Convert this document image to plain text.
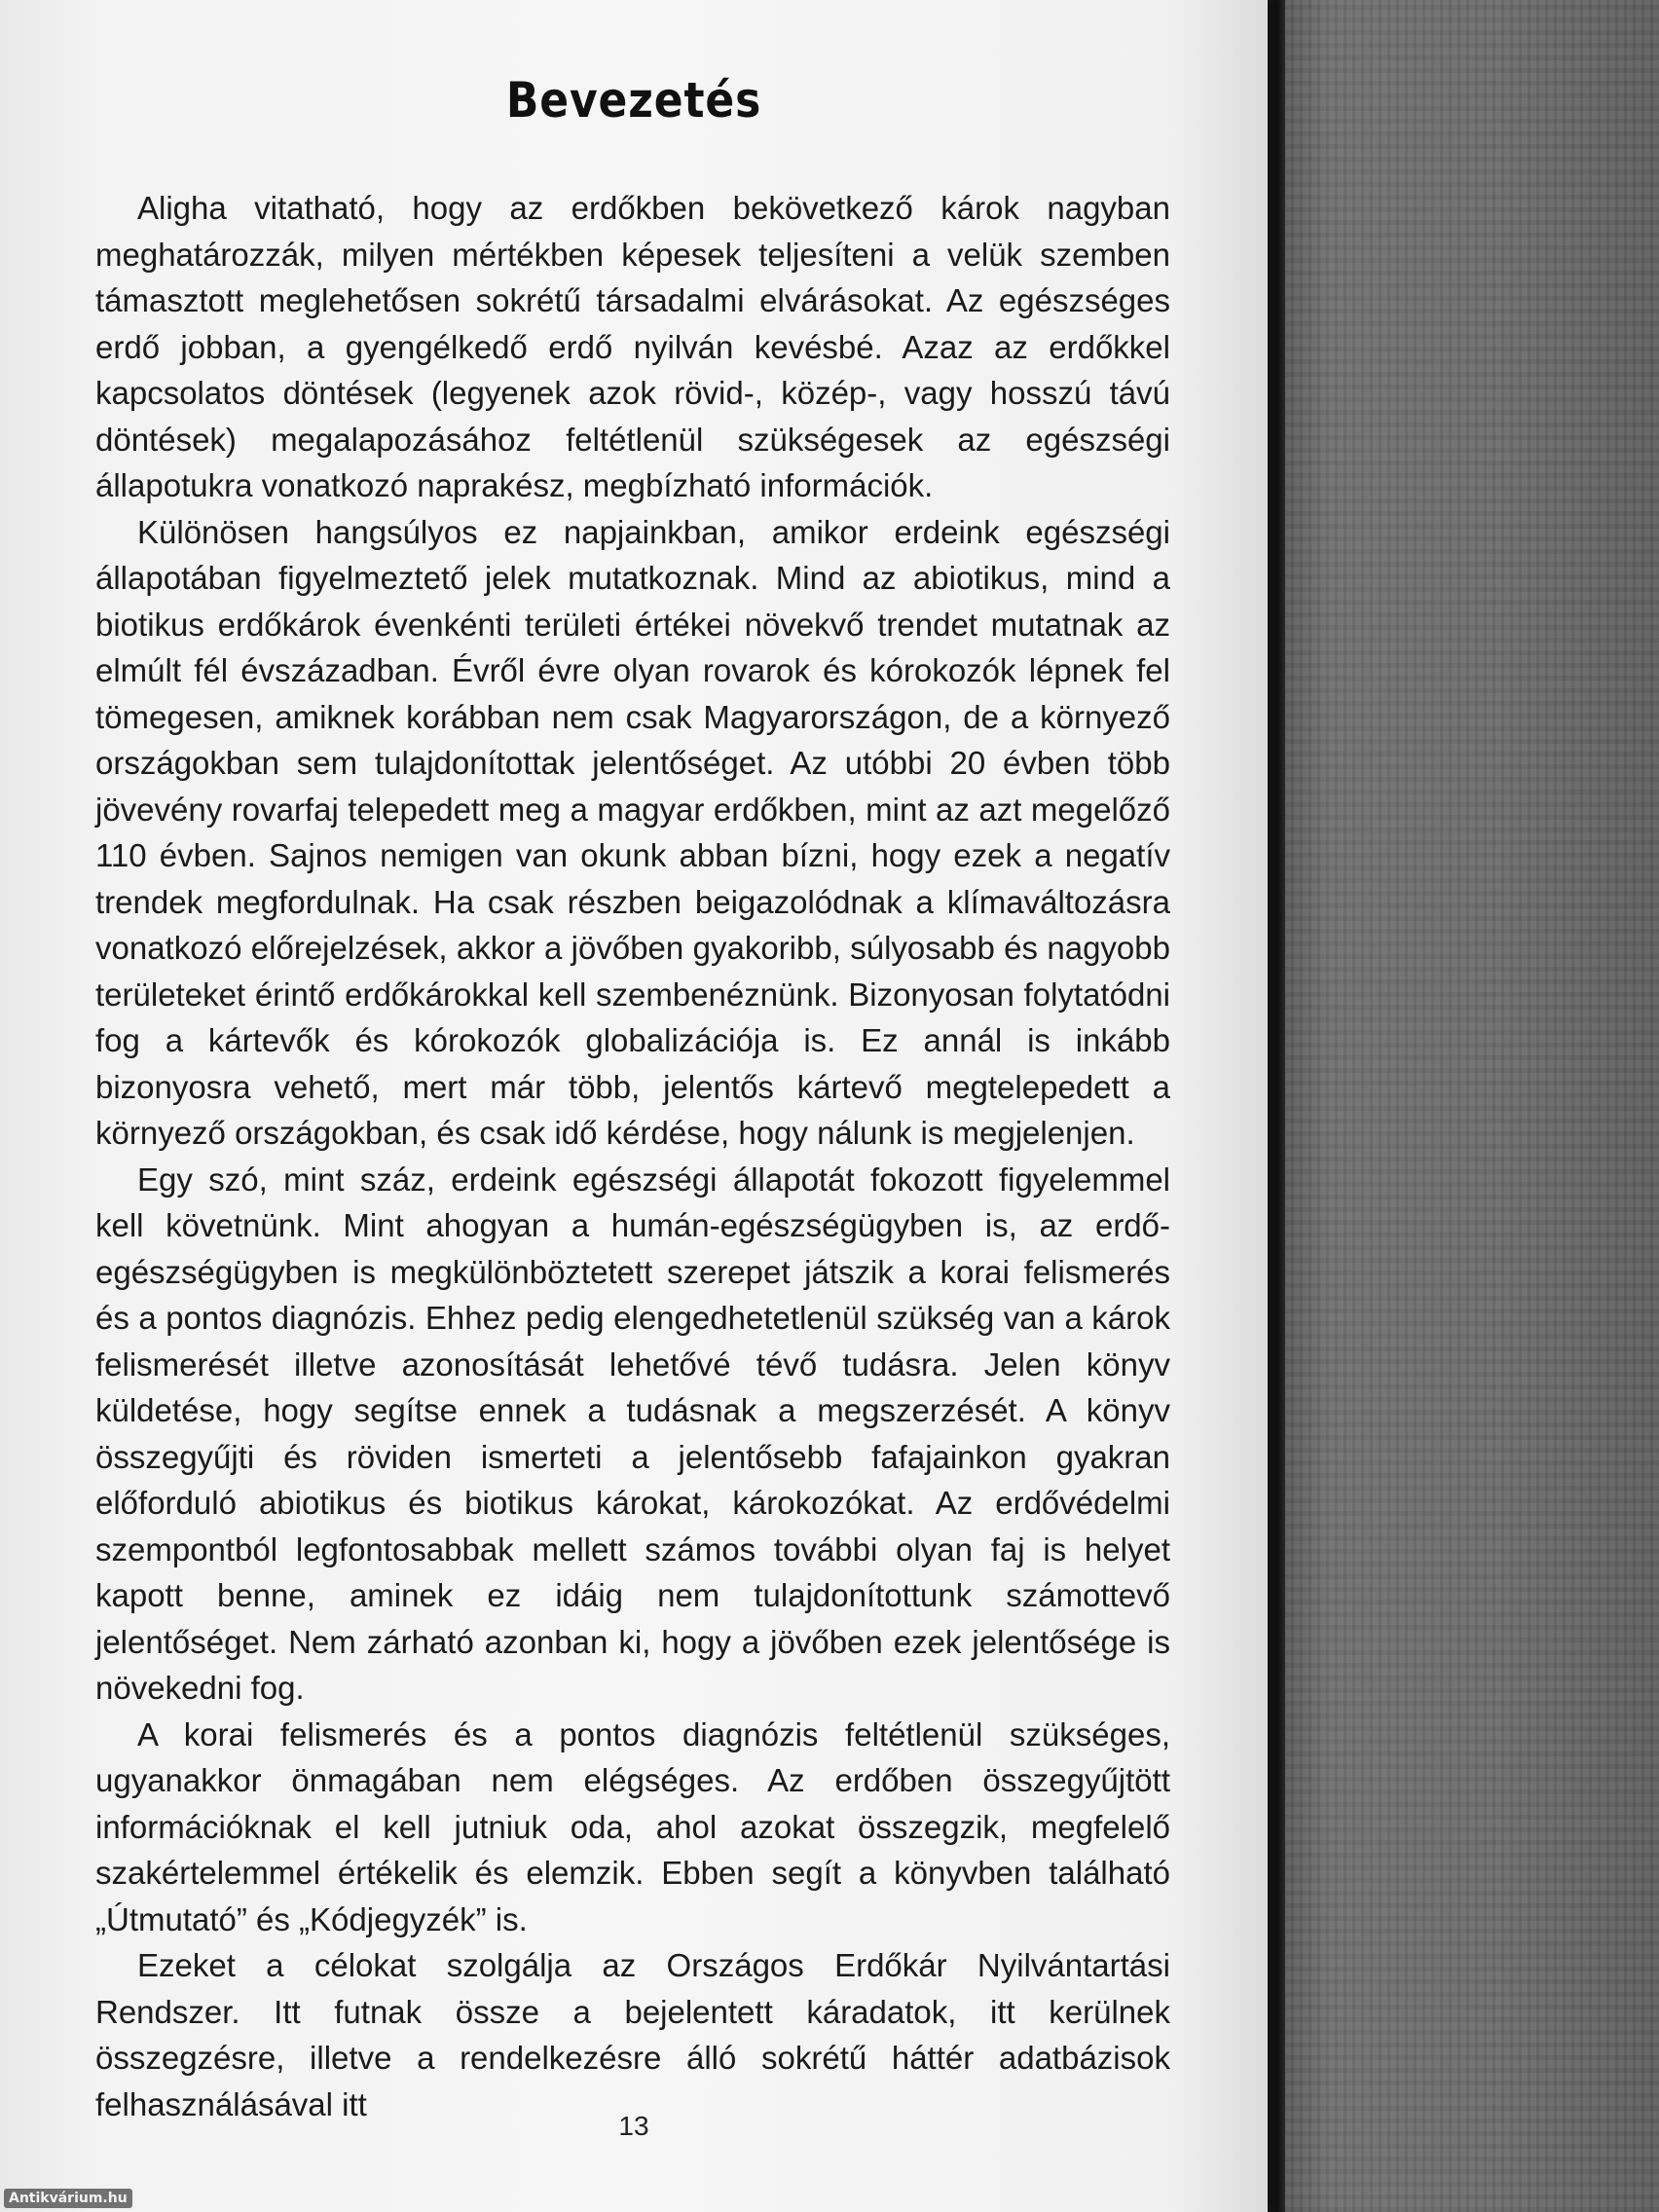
Bevezetés

Aligha vitatható, hogy az erdőkben bekövetkező károk nagyban meghatározzák, milyen mértékben képesek teljesíteni a velük szemben támasztott meglehetősen sokrétű társadalmi elvárásokat. Az egészséges erdő jobban, a gyengélkedő erdő nyilván kevésbé. Azaz az erdőkkel kapcsolatos döntések (legyenek azok rövid-, közép-, vagy hosszú távú döntések) megalapozásához feltétlenül szükségesek az egészségi állapotukra vonatkozó naprakész, megbízható információk.

Különösen hangsúlyos ez napjainkban, amikor erdeink egészségi állapotában figyelmeztető jelek mutatkoznak. Mind az abiotikus, mind a biotikus erdőkárok évenkénti területi értékei növekvő trendet mutatnak az elmúlt fél évszázadban. Évről évre olyan rovarok és kórokozók lépnek fel tömegesen, amiknek korábban nem csak Magyarországon, de a környező országokban sem tulajdonítottak jelentőséget. Az utóbbi 20 évben több jövevény rovarfaj telepedett meg a magyar erdőkben, mint az azt megelőző 110 évben. Sajnos nemigen van okunk abban bízni, hogy ezek a negatív trendek megfordulnak. Ha csak részben beigazolódnak a klímaváltozásra vonatkozó előrejelzések, akkor a jövőben gyakoribb, súlyosabb és nagyobb területeket érintő erdőkárokkal kell szembenéznünk. Bizonyosan folytatódni fog a kártevők és kórokozók globalizációja is. Ez annál is inkább bizonyosra vehető, mert már több, jelentős kártevő megtelepedett a környező országokban, és csak idő kérdése, hogy nálunk is megjelenjen.

Egy szó, mint száz, erdeink egészségi állapotát fokozott figyelemmel kell követnünk. Mint ahogyan a humán-egészségügyben is, az erdő-egészségügyben is megkülönböztetett szerepet játszik a korai felismerés és a pontos diagnózis. Ehhez pedig elengedhetetlenül szükség van a károk felismerését illetve azonosítását lehetővé tévő tudásra. Jelen könyv küldetése, hogy segítse ennek a tudásnak a megszerzését. A könyv összegyűjti és röviden ismerteti a jelentősebb fafajainkon gyakran előforduló abiotikus és biotikus károkat, károkozókat. Az erdővédelmi szempontból legfontosabbak mellett számos további olyan faj is helyet kapott benne, aminek ez idáig nem tulajdonítottunk számottevő jelentőséget. Nem zárható azonban ki, hogy a jövőben ezek jelentősége is növekedni fog.

A korai felismerés és a pontos diagnózis feltétlenül szükséges, ugyanakkor önmagában nem elégséges. Az erdőben összegyűjtött információknak el kell jutniuk oda, ahol azokat összegzik, megfelelő szakértelemmel értékelik és elemzik. Ebben segít a könyvben található „Útmutató” és „Kódjegyzék” is.

Ezeket a célokat szolgálja az Országos Erdőkár Nyilvántartási Rendszer. Itt futnak össze a bejelentett káradatok, itt kerülnek összegzésre, illetve a rendelkezésre álló sokrétű háttér adatbázisok felhasználásával itt

13
Antikvárium.hu
